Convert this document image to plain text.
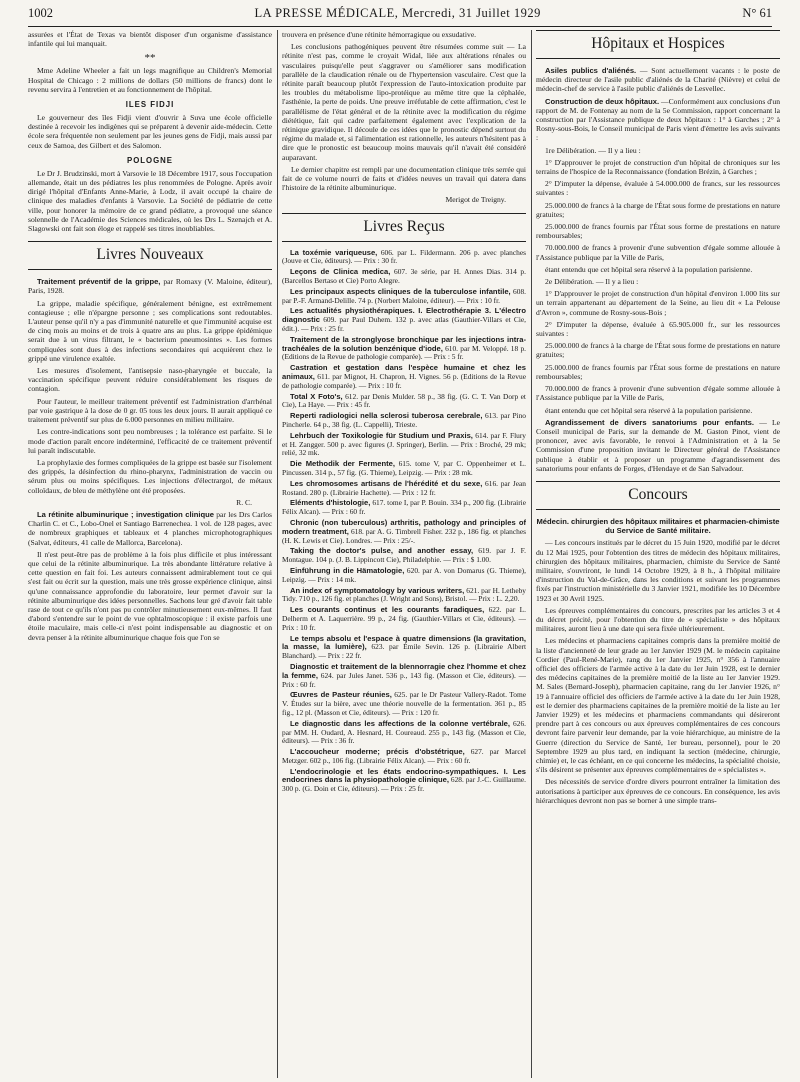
1002	LA PRESSE MÉDICALE, Mercredi, 31 Juillet 1929	N° 61

assurées et l'État de Texas va bientôt disposer d'un organisme d'assistance infantile qui lui manquait.

**

Mme Adeline Wheeler a fait un legs magnifique au Children's Memorial Hospital de Chicago : 2 millions de dollars (50 millions de francs) dont le revenu servira à l'entretien et au fonctionnement de l'hôpital.

ILES FIDJI

Le gouverneur des îles Fidji vient d'ouvrir à Suva une école officielle destinée à recevoir les indigènes qui se préparent à devenir aide-médecin. Cette école sera fréquentée non seulement par les jeunes gens de Fidji, mais aussi par ceux de Samoa, des Gilbert et des Salomon.

POLOGNE

Le Dr J. Brudzinski, mort à Varsovie le 18 Décembre 1917, sous l'occupation allemande, était un des pédiatres les plus renommées de Pologne. Après avoir dirigé l'hôpital d'Enfants Anne-Marie, à Lodz, il avait occupé la chaire de clinique des maladies d'enfants à Varsovie. La Société de pédiatrie de cette ville, pour honorer la mémoire de ce grand pédiatre, a provoqué une séance solennelle de l'Académie des Sciences médicales, où les Drs L. Szenajch et A. Slagowski ont fait son éloge et rappelé ses titres inoubliables.

Livres Nouveaux

Traitement préventif de la grippe, par Romaxy (V. Maloine, éditeur), Paris, 1928.

La grippe, maladie spécifique, généralement bénigne, est extrêmement contagieuse ; elle n'épargne personne ; ses complications sont redoutables. L'auteur pense qu'il n'y a pas d'immunité naturelle et que l'immunité acquise est de cinq mois au moins et de trois à quatre ans au plus. La grippe épidémique serait due à un virus filtrant, le « bacterium pneumosintes ». Les formes compliquées sont dues à des infections secondaires qui acquièrent chez le grippé une virulence exaltée.

Les mesures d'isolement, l'antisepsie naso-pharyngée et buccale, la vaccination spécifique peuvent réduire considérablement les risques de contagion.

Pour l'auteur, le meilleur traitement préventif est l'administration d'arrhénal par voie gastrique à la dose de 0 gr. 05 tous les deux jours. Il aurait appliqué ce traitement préventif sur plus de 6.000 personnes en milieu militaire.

Les contre-indications sont peu nombreuses ; la tolérance est parfaite. Si le mode d'action paraît encore indéterminé, l'efficacité de ce traitement préventif lui paraît indiscutable.

La prophylaxie des formes compliquées de la grippe est basée sur l'isolement des grippés, la désinfection du rhino-pharynx, l'administration de vaccin ou sérum plus ou moins spécifiques. Les injections d'électrargol, de métaux colloïdaux, de bleu de méthylène ont été proposées.

R. C.

La rétinite albuminurique ; investigation clinique par les Drs Carlos Charlin C. et C., Lobo-Onel et Santiago Barrenechea. 1 vol. de 128 pages, avec de nombreux graphiques et tableaux et 4 planches microphotographiques (Salvat, éditeurs, 41 calle de Mallorca, Barcelona).

Il n'est peut-être pas de problème à la fois plus difficile et plus intéressant que celui de la rétinite albuminurique. La très abondante littérature relative à cette question en fait foi. Les auteurs connaissent admirablement tout ce qui s'est fait ou écrit sur la question, mais une très grosse expérience clinique, ainsi qu'une connaissance approfondie du laboratoire, leur permet d'avoir sur la rétinite albuminurique des idées personnelles. Sachons leur gré d'avoir fait table rase de tout ce qu'ils n'ont pas pu contrôler minutieusement eux-mêmes. Il faut d'abord s'entendre sur le point de vue ophtalmoscopique : il existe parfois une étoile maculaire, mais celle-ci n'est point indispensable au diagnostic et on devra penser à la rétinite albuminurique chaque fois que l'on se

trouvera en présence d'une rétinite hémorragique ou exsudative.

Les conclusions pathogéniques peuvent être résumées comme suit — La rétinite n'est pas, comme le croyait Widal, liée aux altérations rénales ou vasculaires puisqu'elle peut s'aggraver ou s'améliorer sans modification parallèle de la claudication rénale ou de l'hypertension vasculaire. C'est que la rétinite paraît beaucoup plutôt l'expression de l'auto-intoxication produite par les troubles du métabolisme lipo-protéique au même titre que la céphalée, l'asthénie, la perte de poids. Une preuve irréfutable de cette affirmation, c'est le parallélisme de l'état général et de la rétinite avec la modification du régime diététique, fait qui cadre parfaitement également avec l'explication de la rétinique gravidique. Il découle de ces idées que le pronostic dépend surtout du régime du malade et, si l'alimentation est rationnelle, les auteurs n'hésitent pas à dire que le pronostic est beaucoup moins mauvais qu'il n'avait été considéré auparavant.

Le dernier chapitre est rempli par une documentation clinique très serrée qui fait de ce volume nourri de faits et d'idées neuves un travail qui datera dans l'histoire de la rétinite albuminurique.

Merigot de Treigny.

Livres Reçus

La toxémie variqueuse, 606. par L. Fildermann. 206 p. avec planches (Jouve et Cie, éditeurs). — Prix : 30 fr.

Leçons de Clinica medica, 607. 3e série, par H. Annes Dias. 314 p. (Barcellos Bertaso et Cie) Porto Alegre.

Les principaux aspects cliniques de la tuberculose infantile, 608. par P.-F. Armand-Delille. 74 p. (Norbert Maloine, éditeur). — Prix : 10 fr.

Les actualités physiothérapiques. I. Electrothérapie 3. L'électro diagnostic 609. par Paul Duhem. 132 p. avec atlas (Gauthier-Villars et Cie, édit.). — Prix : 25 fr.

Traitement de la stronglyose bronchique par les injections intra-trachéales de la solution benzénique d'iode, 610. par M. Veloppé. 18 p. (Editions de la Revue de pathologie comparée). — Prix : 5 fr.

Castration et gestation dans l'espèce humaine et chez les animaux, 611. par Mignot, H. Chapron, H. Vignes. 56 p. (Editions de la Revue de pathologie comparée). — Prix : 10 fr.

Total X Foto's, 612. par Denis Mulder. 58 p., 38 fig. (G. C. T. Van Dorp et Cie), La Haye. — Prix : 45 fr.

Reperti radiologici nella sclerosi tuberosa cerebrale, 613. par Pino Pincherle. 64 p., 38 fig. (L. Cappelli), Trieste.

Lehrbuch der Toxikologie für Studium und Praxis, 614. par F. Flury et H. Zangger. 500 p. avec figures (J. Springer), Berlin. — Prix : Broché, 29 mk; relié, 32 mk.

Die Methodik der Fermente, 615. tome V, par C. Oppenheimer et L. Pincussen. 314 p., 57 fig. (G. Thieme), Leipzig. — Prix : 28 mk.

Les chromosomes artisans de l'hérédité et du sexe, 616. par Jean Rostand. 280 p. (Librairie Hachette). — Prix : 12 fr.

Eléments d'histologie, 617. tome I, par P. Bouin. 334 p., 200 fig. (Librairie Félix Alcan). — Prix : 60 fr.

Chronic (non tuberculous) arthritis, pathology and principles of modern treatment, 618. par A. G. Timbrell Fisher. 232 p., 186 fig. et planches (H. K. Lewis et Cie). Londres. — Prix : 25/-.

Taking the doctor's pulse, and another essay, 619. par J. F. Montague. 104 p. (J. B. Lippincott Cie), Philadelphie. — Prix : $ 1.00.

Einführung in die Hämatologie, 620. par A. von Domarus (G. Thieme), Leipzig. — Prix : 14 mk.

An index of symptomatology by various writers, 621. par H. Letheby Tidy. 710 p., 126 fig. et planches (J. Wright and Sons), Bristol. — Prix : L. 2,20.

Les courants continus et les courants faradiques, 622. par L. Delherm et A. Laquerrière. 99 p., 24 fig. (Gauthier-Villars et Cie, éditeurs). — Prix : 10 fr.

Le temps absolu et l'espace à quatre dimensions (la gravitation, la masse, la lumière), 623. par Émile Sevin. 126 p. (Librairie Albert Blanchard). — Prix : 22 fr.

Diagnostic et traitement de la blennorragie chez l'homme et chez la femme, 624. par Jules Janet. 536 p., 143 fig. (Masson et Cie, éditeurs). — Prix : 60 fr.

Œuvres de Pasteur réunies, 625. par le Dr Pasteur Vallery-Radot. Tome V. Études sur la bière, avec une théorie nouvelle de la fermentation. 361 p., 85 fig., 12 pl. (Masson et Cie, éditeurs). — Prix : 120 fr.

Le diagnostic dans les affections de la colonne vertébrale, 626. par MM. H. Oudard, A. Hesnard, H. Coureaud. 255 p., 143 fig. (Masson et Cie, éditeurs). — Prix : 36 fr.

L'accoucheur moderne; précis d'obstétrique, 627. par Marcel Metzger. 602 p., 106 fig. (Librairie Félix Alcan). — Prix : 60 fr.

L'endocrinologie et les états endocrino-sympathiques. I. Les endocrines dans la physiopathologie clinique, 628. par J.-C. Guillaume. 300 p. (G. Doin et Cie, éditeurs). — Prix : 25 fr.

Hôpitaux et Hospices

Asiles publics d'aliénés. — Sont actuellement vacants : le poste de médecin directeur de l'asile public d'aliénés de la Charité (Nièvre) et celui de médecin-chef de service à l'asile public d'aliénés de Lesvellec.

Construction de deux hôpitaux. —Conformément aux conclusions d'un rapport de M. de Fontenay au nom de la 5e Commission, rapport concernant la construction par l'Assistance publique de deux hôpitaux : 1° à Garches ; 2° à Rosny-sous-Bois, le Conseil municipal de Paris vient d'émettre les avis suivants :

1re Délibération. — Il y a lieu :

1° D'approuver le projet de construction d'un hôpital de chroniques sur les terrains de l'hospice de la Reconnaissance (fondation Brézin, à Garches ;

2° D'imputer la dépense, évaluée à 54.000.000 de francs, sur les ressources suivantes :

25.000.000 de francs à la charge de l'État sous forme de prestations en nature gratuites;

25.000.000 de francs fournis par l'État sous forme de prestations en nature remboursables;

70.000.000 de francs à provenir d'une subvention d'égale somme allouée à l'Assistance publique par la Ville de Paris,

étant entendu que cet hôpital sera réservé à la population parisienne.

2e Délibération. — Il y a lieu :

1° D'approuver le projet de construction d'un hôpital d'environ 1.000 lits sur un terrain appartenant au département de la Seine, au lieu dit « La Pelouse d'Avron », commune de Rosny-sous-Bois ;

2° D'imputer la dépense, évaluée à 65.905.000 fr., sur les ressources suivantes :

25.000.000 de francs à la charge de l'État sous forme de prestations en nature gratuites;

25.000.000 de francs fournis par l'État sous forme de prestations en nature remboursables;

70.000.000 de francs à provenir d'une subvention d'égale somme allouée à l'Assistance publique par la Ville de Paris,

étant entendu que cet hôpital sera réservé à la population parisienne.

Agrandissement de divers sanatoriums pour enfants. — Le Conseil municipal de Paris, sur la demande de M. Gaston Pinot, vient de prononcer, avec avis favorable, le renvoi à l'Administration et à la 5e Commission d'une proposition invitant le Directeur général de l'Assistance publique à établir et à proposer un programme d'agrandissement des sanatoriums pour enfants de Forges, d'Hendaye et de San Salvadour.

Concours

Médecin. chirurgien des hôpitaux militaires et pharmacien-chimiste du Service de Santé militaire.

— Les concours institués par le décret du 15 Juin 1920, modifié par le décret du 12 Mai 1925, pour l'obtention des titres de médecin des hôpitaux militaires, chirurgien des hôpitaux militaires, pharmacien, chimiste du Service de Santé militaire, s'ouvriront, le lundi 14 Octobre 1929, à 8 h., à l'hôpital militaire d'instruction du Val-de-Grâce, dans les conditions et suivant les programmes fixés par l'instruction ministérielle du 3 Janvier 1921, modifiée les 10 Décembre 1923 et 30 Avril 1925.

Les épreuves complémentaires du concours, prescrites par les articles 3 et 4 du décret précité, pour l'obtention du titre de « spécialiste » des hôpitaux militaires, auront lieu à une date qui sera fixée ultérieurement.

Les médecins et pharmaciens capitaines compris dans la première moitié de la liste d'ancienneté de leur grade au 1er Janvier 1929 (M. le médecin capitaine Cordier (Paul-René-Marie), rang du 1er Janvier 1925, n° 356 à l'annuaire officiel des officiers de l'armée active à la date du 1er Juin 1928, est le dernier des médecins capitaines de la première moitié de la liste au 1er Janvier 1929. M. Sales (Bernard-Joseph), pharmacien capitaine, rang du 1er Janvier 1926, n° 19 à l'annuaire officiel des officiers de l'armée active à la date du 1er Juin 1928, est le dernier des pharmaciens capitaines de la première moitié de la liste au 1er Janvier 1929) et les médecins et pharmaciens commandants qui désireront prendre part à ces concours ou aux épreuves complémentaires de ces concours devront faire parvenir leur demande, par la voie hiérarchique, au ministre de la Guerre (direction du Service de Santé, 1er bureau, personnel), pour le 20 Septembre 1929 au plus tard, en indiquant la section (médecine, chirurgie, chimie) et, le cas échéant, en ce qui concerne les médecins, la spécialité choisie, s'ils désirent se présenter aux épreuves complémentaires de « spécialistes ».

Des nécessités de service d'ordre divers pourront entraîner la limitation des autorisations à participer aux épreuves de ce concours. En conséquence, les avis hiérarchiques devront non pas se borner à une simple trans-
